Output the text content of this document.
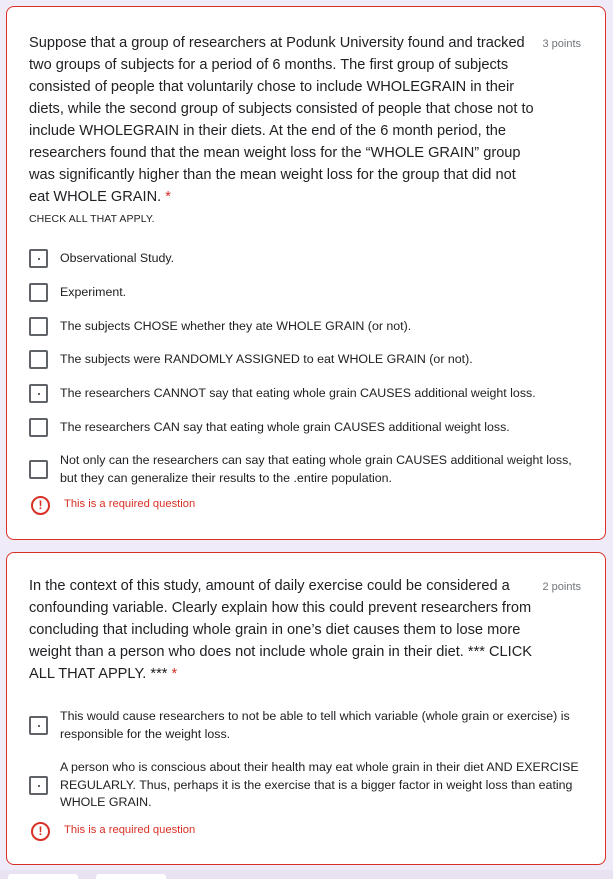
Suppose that a group of researchers at Podunk University found and tracked two groups of subjects for a period of 6 months. The first group of subjects consisted of people that voluntarily chose to include WHOLEGRAIN in their diets, while the second group of subjects consisted of people that chose not to include WHOLEGRAIN in their diets. At the end of the 6 month period, the researchers found that the mean weight loss for the “WHOLE GRAIN” group was significantly higher than the mean weight loss for the group that did not eat WHOLE GRAIN. *
3 points
CHECK ALL THAT APPLY.
Observational Study.
Experiment.
The subjects CHOSE whether they ate WHOLE GRAIN (or not).
The subjects were RANDOMLY ASSIGNED to eat WHOLE GRAIN (or not).
The researchers CANNOT say that eating whole grain CAUSES additional weight loss.
The researchers CAN say that eating whole grain CAUSES additional weight loss.
Not only can the researchers can say that eating whole grain CAUSES additional weight loss, but they can generalize their results to the .entire population.
!	This is a required question
In the context of this study, amount of daily exercise could be considered a confounding variable. Clearly explain how this could prevent researchers from concluding that including whole grain in one’s diet causes them to lose more weight than a person who does not include whole grain in their diet. *** CLICK ALL THAT APPLY. *** *
2 points
This would cause researchers to not be able to tell which variable (whole grain or exercise) is responsible for the weight loss.
A person who is conscious about their health may eat whole grain in their diet AND EXERCISE REGULARLY. Thus, perhaps it is the exercise that is a bigger factor in weight loss than eating WHOLE GRAIN.
!	This is a required question
